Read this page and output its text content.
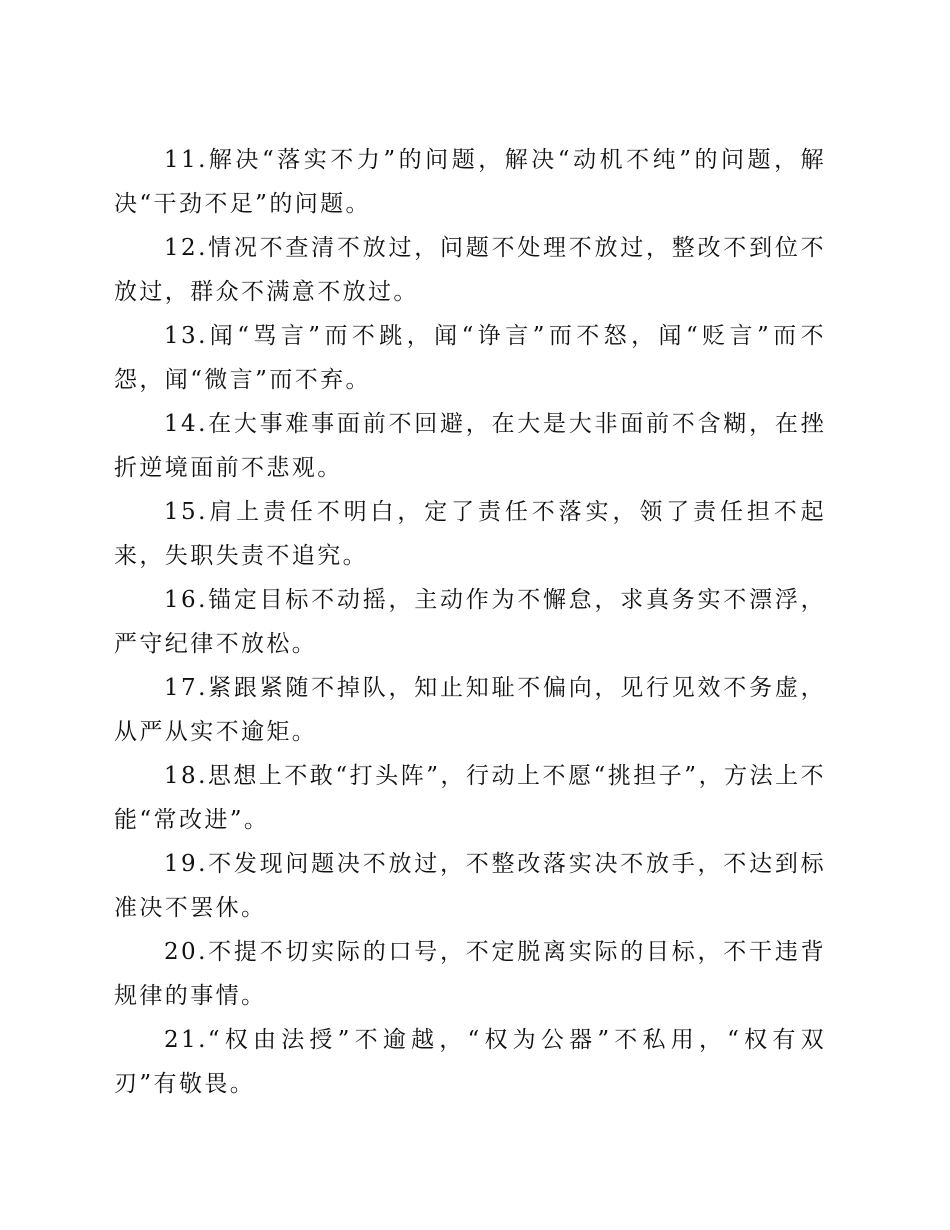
11.解决“落实不力”的问题，解决“动机不纯”的问题，解决“干劲不足”的问题。

12.情况不查清不放过，问题不处理不放过，整改不到位不放过，群众不满意不放过。

13.闻“骂言”而不跳，闻“诤言”而不怒，闻“贬言”而不怨，闻“微言”而不弃。

14.在大事难事面前不回避，在大是大非面前不含糊，在挫折逆境面前不悲观。

15.肩上责任不明白，定了责任不落实，领了责任担不起来，失职失责不追究。

16.锚定目标不动摇，主动作为不懈怠，求真务实不漂浮，严守纪律不放松。

17.紧跟紧随不掉队，知止知耻不偏向，见行见效不务虚，从严从实不逾矩。

18.思想上不敢“打头阵”，行动上不愿“挑担子”，方法上不能“常改进”。

19.不发现问题决不放过，不整改落实决不放手，不达到标准决不罢休。

20.不提不切实际的口号，不定脱离实际的目标，不干违背规律的事情。

21.“权由法授”不逾越，“权为公器”不私用，“权有双刃”有敬畏。
